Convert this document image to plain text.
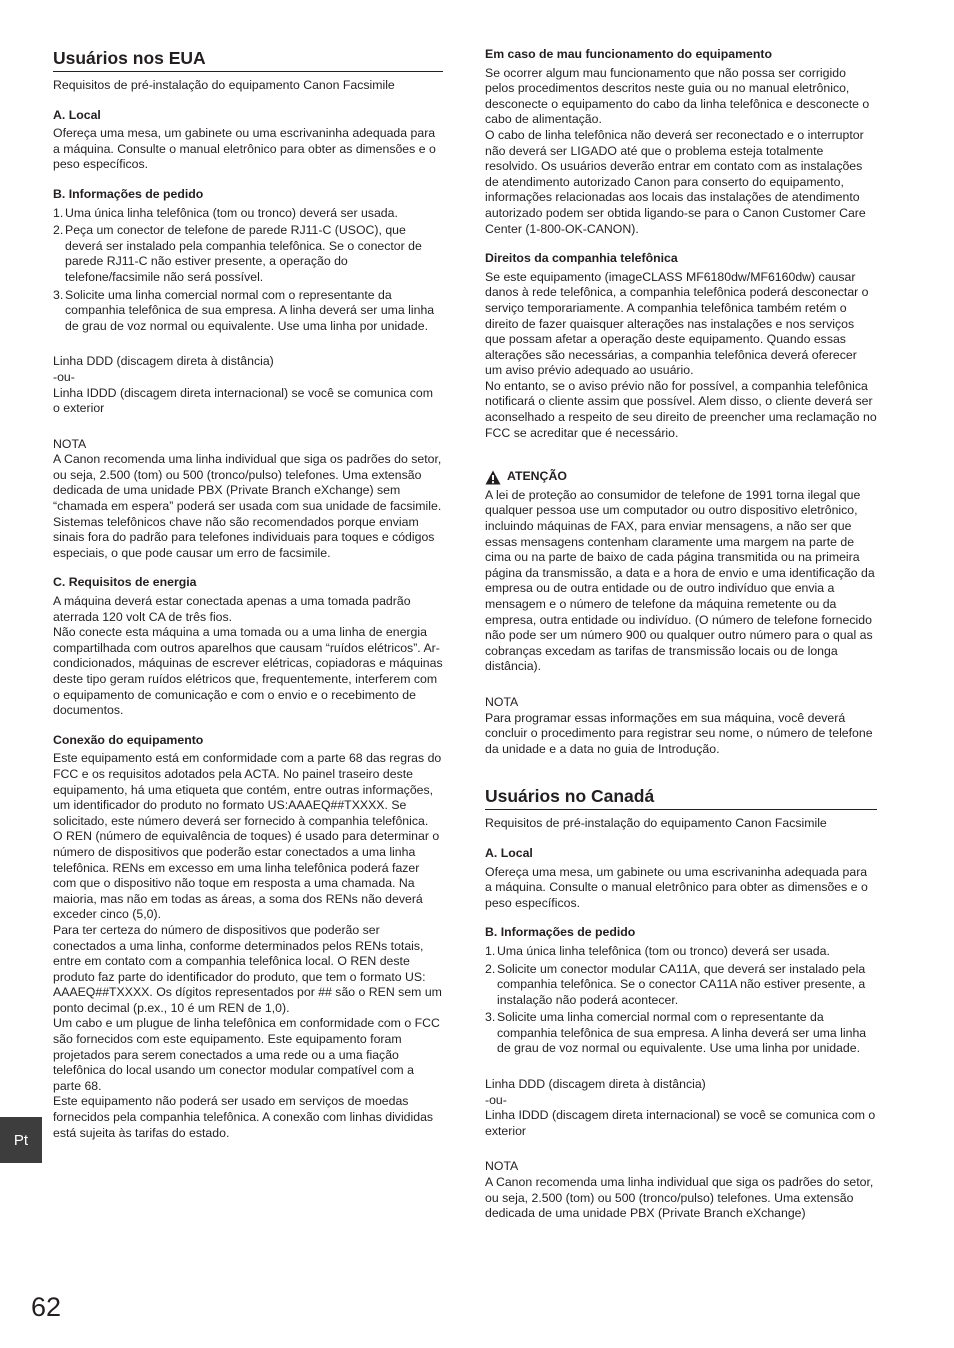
Usuários nos EUA

Requisitos de pré-instalação do equipamento Canon Facsimile

A. Local

Ofereça uma mesa, um gabinete ou uma escrivaninha adequada para a máquina. Consulte o manual eletrônico para obter as dimensões e o peso específicos.

B. Informações de pedido
1. Uma única linha telefônica (tom ou tronco) deverá ser usada.
2. Peça um conector de telefone de parede RJ11-C (USOC), que deverá ser instalado pela companhia telefônica. Se o conector de parede RJ11-C não estiver presente, a operação do telefone/facsimile não será possível.
3. Solicite uma linha comercial normal com o representante da companhia telefônica de sua empresa. A linha deverá ser uma linha de grau de voz normal ou equivalente. Use uma linha por unidade.

Linha DDD (discagem direta à distância)

-ou-

Linha IDDD (discagem direta internacional) se você se comunica com o exterior

NOTA

A Canon recomenda uma linha individual que siga os padrões do setor, ou seja, 2.500 (tom) ou 500 (tronco/pulso) telefones. Uma extensão dedicada de uma unidade PBX (Private Branch eXchange) sem “chamada em espera” poderá ser usada com sua unidade de facsimile. Sistemas telefônicos chave não são recomendados porque enviam sinais fora do padrão para telefones individuais para toques e códigos especiais, o que pode causar um erro de facsimile.

C. Requisitos de energia

A máquina deverá estar conectada apenas a uma tomada padrão aterrada 120 volt CA de três fios.

Não conecte esta máquina a uma tomada ou a uma linha de energia compartilhada com outros aparelhos que causam “ruídos elétricos”. Ar-condicionados, máquinas de escrever elétricas, copiadoras e máquinas deste tipo geram ruídos elétricos que, frequentemente, interferem com o equipamento de comunicação e com o envio e o recebimento de documentos.

Conexão do equipamento

Este equipamento está em conformidade com a parte 68 das regras do FCC e os requisitos adotados pela ACTA. No painel traseiro deste equipamento, há uma etiqueta que contém, entre outras informações, um identificador do produto no formato US:AAAEQ##TXXXX. Se solicitado, este número deverá ser fornecido à companhia telefônica.

O REN (número de equivalência de toques) é usado para determinar o número de dispositivos que poderão estar conectados a uma linha telefônica. RENs em excesso em uma linha telefônica poderá fazer com que o dispositivo não toque em resposta a uma chamada. Na maioria, mas não em todas as áreas, a soma dos RENs não deverá exceder cinco (5,0).

Para ter certeza do número de dispositivos que poderão ser conectados a uma linha, conforme determinados pelos RENs totais, entre em contato com a companhia telefônica local. O REN deste produto faz parte do identificador do produto, que tem o formato US: AAAEQ##TXXXX. Os dígitos representados por ## são o REN sem um ponto decimal (p.ex., 10 é um REN de 1,0).

Um cabo e um plugue de linha telefônica em conformidade com o FCC são fornecidos com este equipamento. Este equipamento foram projetados para serem conectados a uma rede ou a uma fiação telefônica do local usando um conector modular compatível com a parte 68.

Este equipamento não poderá ser usado em serviços de moedas fornecidos pela companhia telefônica. A conexão com linhas divididas está sujeita às tarifas do estado.

Em caso de mau funcionamento do equipamento

Se ocorrer algum mau funcionamento que não possa ser corrigido pelos procedimentos descritos neste guia ou no manual eletrônico, desconecte o equipamento do cabo da linha telefônica e desconecte o cabo de alimentação.

O cabo de linha telefônica não deverá ser reconectado e o interruptor não deverá ser LIGADO até que o problema esteja totalmente resolvido. Os usuários deverão entrar em contato com as instalações de atendimento autorizado Canon para conserto do equipamento, informações relacionadas aos locais das instalações de atendimento autorizado podem ser obtida ligando-se para o Canon Customer Care Center (1-800-OK-CANON).

Direitos da companhia telefônica

Se este equipamento (imageCLASS MF6180dw/MF6160dw) causar danos à rede telefônica, a companhia telefônica poderá desconectar o serviço temporariamente. A companhia telefônica também retém o direito de fazer quaisquer alterações nas instalações e nos serviços que possam afetar a operação deste equipamento. Quando essas alterações são necessárias, a companhia telefônica deverá oferecer um aviso prévio adequado ao usuário.

No entanto, se o aviso prévio não for possível, a companhia telefônica notificará o cliente assim que possível. Alem disso, o cliente deverá ser aconselhado a respeito de seu direito de preencher uma reclamação no FCC se acreditar que é necessário.

ATENÇÃO

A lei de proteção ao consumidor de telefone de 1991 torna ilegal que qualquer pessoa use um computador ou outro dispositivo eletrônico, incluindo máquinas de FAX, para enviar mensagens, a não ser que essas mensagens contenham claramente uma margem na parte de cima ou na parte de baixo de cada página transmitida ou na primeira página da transmissão, a data e a hora de envio e uma identificação da empresa ou de outra entidade ou de outro indivíduo que envia a mensagem e o número de telefone da máquina remetente ou da empresa, outra entidade ou indivíduo. (O número de telefone fornecido não pode ser um número 900 ou qualquer outro número para o qual as cobranças excedam as tarifas de transmissão locais ou de longa distância).

NOTA

Para programar essas informações em sua máquina, você deverá concluir o procedimento para registrar seu nome, o número de telefone da unidade e a data no guia de Introdução.

Usuários no Canadá

Requisitos de pré-instalação do equipamento Canon Facsimile

A. Local

Ofereça uma mesa, um gabinete ou uma escrivaninha adequada para a máquina. Consulte o manual eletrônico para obter as dimensões e o peso específicos.

B. Informações de pedido
1. Uma única linha telefônica (tom ou tronco) deverá ser usada.
2. Solicite um conector modular CA11A, que deverá ser instalado pela companhia telefônica. Se o conector CA11A não estiver presente, a instalação não poderá acontecer.
3. Solicite uma linha comercial normal com o representante da companhia telefônica de sua empresa. A linha deverá ser uma linha de grau de voz normal ou equivalente. Use uma linha por unidade.

Linha DDD (discagem direta à distância)

-ou-

Linha IDDD (discagem direta internacional) se você se comunica com o exterior

NOTA

A Canon recomenda uma linha individual que siga os padrões do setor, ou seja, 2.500 (tom) ou 500 (tronco/pulso) telefones. Uma extensão dedicada de uma unidade PBX (Private Branch eXchange)

Pt
62
